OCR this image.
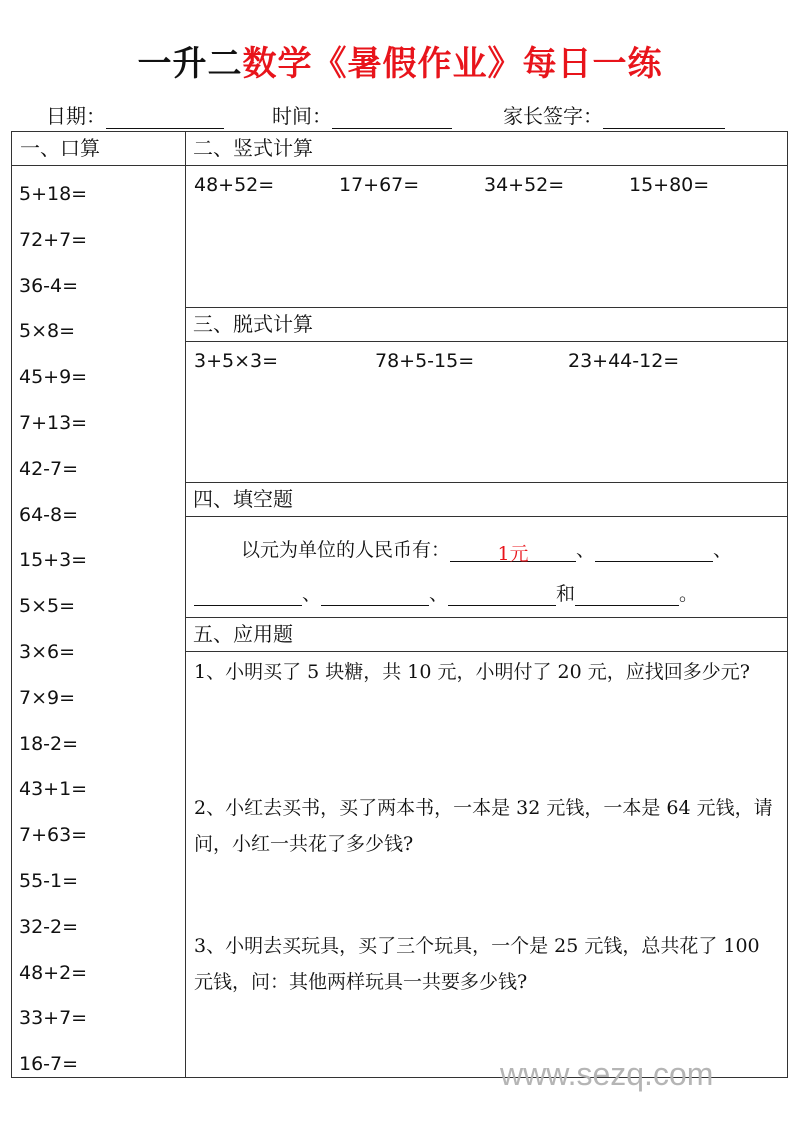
一升二数学《暑假作业》每日一练
日期：	时间：	家长签字：
一、口算
5+18=
72+7=
36-4=
5×8=
45+9=
7+13=
42-7=
64-8=
15+3=
5×5=
3×6=
7×9=
18-2=
43+1=
7+63=
55-1=
32-2=
48+2=
33+7=
16-7=
二、竖式计算
48+52=	17+67=	34+52=	15+80=
三、脱式计算
3+5×3=	78+5-15=	23+44-12=
四、填空题
以元为单位的人民币有： 1元 、	、
、	、	和	。
五、应用题
1、小明买了 5 块糖，共 10 元，小明付了 20 元，应找回多少元?
2、小红去买书，买了两本书，一本是 32 元钱，一本是 64 元钱，请问，小红一共花了多少钱?
3、小明去买玩具，买了三个玩具，一个是 25 元钱，总共花了 100 元钱，问：其他两样玩具一共要多少钱?
www.sezq.com
